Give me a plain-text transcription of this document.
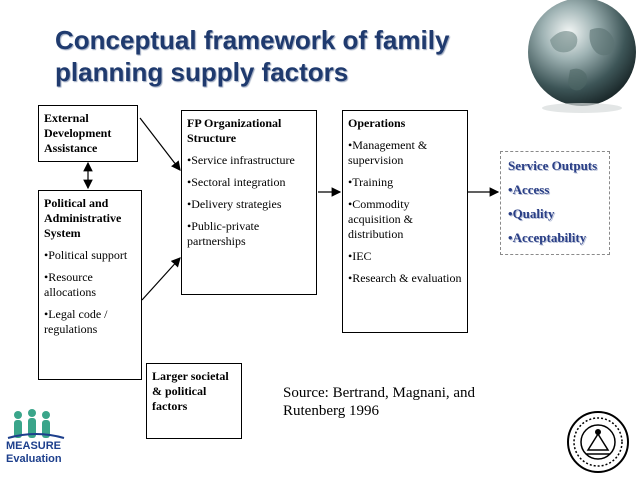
Conceptual framework of family
planning supply factors
External Development Assistance
Political and Administrative System

• Political support

• Resource allocations

• Legal code / regulations

FP Organizational Structure

• Service infrastructure

• Sectoral integration

• Delivery strategies

• Public-private partnerships

Operations

• Management & supervision

• Training

• Commodity acquisition & distribution

• IEC

• Research & evaluation

Service Outputs

• Access

• Quality

• Acceptability

Larger societal & political factors
Source: Bertrand, Magnani, and
Rutenberg 1996
MEASURE
Evaluation
